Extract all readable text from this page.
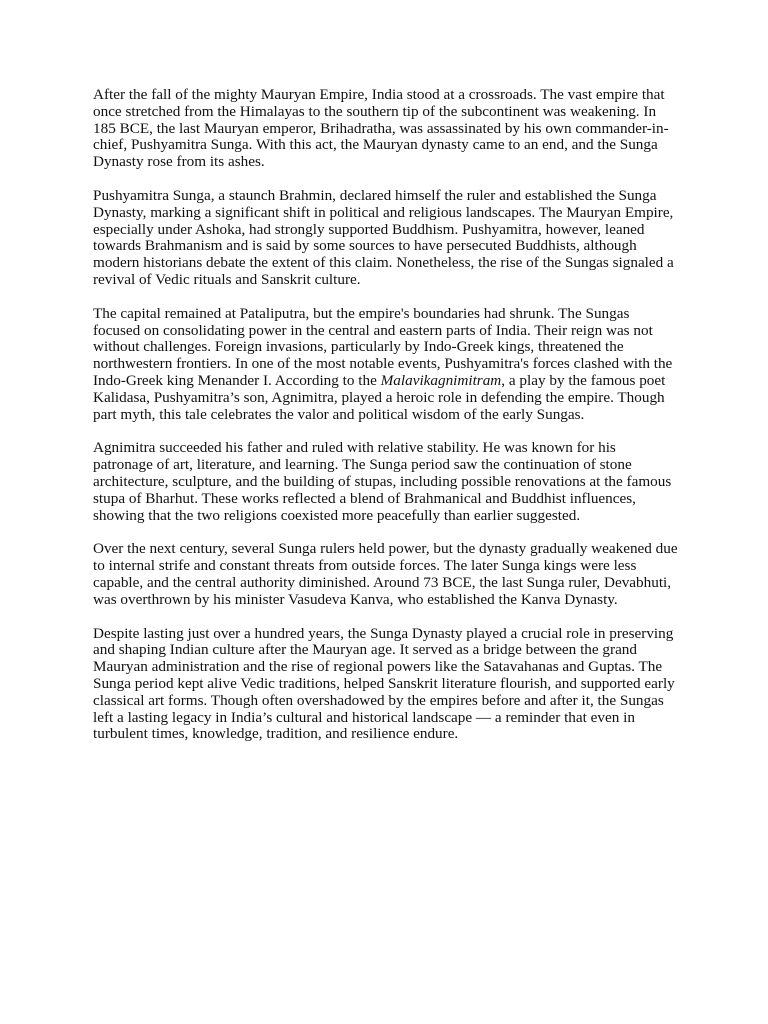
After the fall of the mighty Mauryan Empire, India stood at a crossroads. The vast empire that once stretched from the Himalayas to the southern tip of the subcontinent was weakening. In 185 BCE, the last Mauryan emperor, Brihadratha, was assassinated by his own commander-in-chief, Pushyamitra Sunga. With this act, the Mauryan dynasty came to an end, and the Sunga Dynasty rose from its ashes.

Pushyamitra Sunga, a staunch Brahmin, declared himself the ruler and established the Sunga Dynasty, marking a significant shift in political and religious landscapes. The Mauryan Empire, especially under Ashoka, had strongly supported Buddhism. Pushyamitra, however, leaned towards Brahmanism and is said by some sources to have persecuted Buddhists, although modern historians debate the extent of this claim. Nonetheless, the rise of the Sungas signaled a revival of Vedic rituals and Sanskrit culture.

The capital remained at Pataliputra, but the empire's boundaries had shrunk. The Sungas focused on consolidating power in the central and eastern parts of India. Their reign was not without challenges. Foreign invasions, particularly by Indo-Greek kings, threatened the northwestern frontiers. In one of the most notable events, Pushyamitra's forces clashed with the Indo-Greek king Menander I. According to the Malavikagnimitram, a play by the famous poet Kalidasa, Pushyamitra’s son, Agnimitra, played a heroic role in defending the empire. Though part myth, this tale celebrates the valor and political wisdom of the early Sungas.

Agnimitra succeeded his father and ruled with relative stability. He was known for his patronage of art, literature, and learning. The Sunga period saw the continuation of stone architecture, sculpture, and the building of stupas, including possible renovations at the famous stupa of Bharhut. These works reflected a blend of Brahmanical and Buddhist influences, showing that the two religions coexisted more peacefully than earlier suggested.

Over the next century, several Sunga rulers held power, but the dynasty gradually weakened due to internal strife and constant threats from outside forces. The later Sunga kings were less capable, and the central authority diminished. Around 73 BCE, the last Sunga ruler, Devabhuti, was overthrown by his minister Vasudeva Kanva, who established the Kanva Dynasty.

Despite lasting just over a hundred years, the Sunga Dynasty played a crucial role in preserving and shaping Indian culture after the Mauryan age. It served as a bridge between the grand Mauryan administration and the rise of regional powers like the Satavahanas and Guptas. The Sunga period kept alive Vedic traditions, helped Sanskrit literature flourish, and supported early classical art forms. Though often overshadowed by the empires before and after it, the Sungas left a lasting legacy in India’s cultural and historical landscape — a reminder that even in turbulent times, knowledge, tradition, and resilience endure.
